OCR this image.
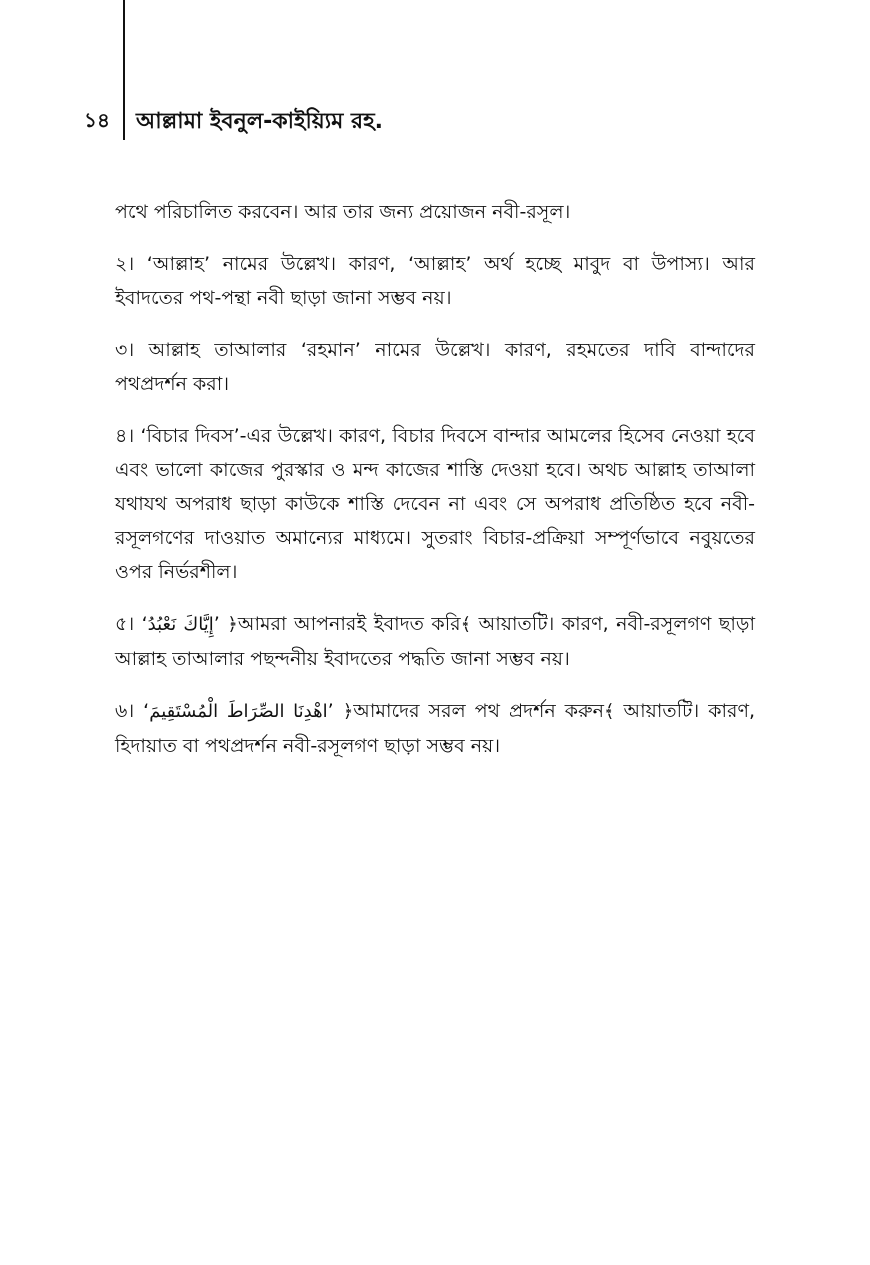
১৪ আল্লামা ইবনুল-কাইয়্যিম রহ.

পথে পরিচালিত করবেন। আর তার জন্য প্রয়োজন নবী-রসূল।

২। ‘আল্লাহ’ নামের উল্লেখ। কারণ, ‘আল্লাহ’ অর্থ হচ্ছে মাবুদ বা উপাস্য। আর ইবাদতের পথ-পন্থা নবী ছাড়া জানা সম্ভব নয়।

৩। আল্লাহ তাআলার ‘রহমান’ নামের উল্লেখ। কারণ, রহমতের দাবি বান্দাদের পথপ্রদর্শন করা।

৪। ‘বিচার দিবস’-এর উল্লেখ। কারণ, বিচার দিবসে বান্দার আমলের হিসেব নেওয়া হবে এবং ভালো কাজের পুরস্কার ও মন্দ কাজের শাস্তি দেওয়া হবে। অথচ আল্লাহ তাআলা যথাযথ অপরাধ ছাড়া কাউকে শাস্তি দেবেন না এবং সে অপরাধ প্রতিষ্ঠিত হবে নবী-রসূলগণের দাওয়াত অমান্যের মাধ্যমে। সুতরাং বিচার-প্রক্রিয়া সম্পূর্ণভাবে নবুয়তের ওপর নির্ভরশীল।

৫। ‘إِيَّاكَ نَعْبُدُ’ ﴿আমরা আপনারই ইবাদত করি﴾ আয়াতটি। কারণ, নবী-রসূলগণ ছাড়া আল্লাহ তাআলার পছন্দনীয় ইবাদতের পদ্ধতি জানা সম্ভব নয়।

৬। ‘اهْدِنَا الصِّرَاطَ الْمُسْتَقِيمَ’ ﴿আমাদের সরল পথ প্রদর্শন করুন﴾ আয়াতটি। কারণ, হিদায়াত বা পথপ্রদর্শন নবী-রসূলগণ ছাড়া সম্ভব নয়।
